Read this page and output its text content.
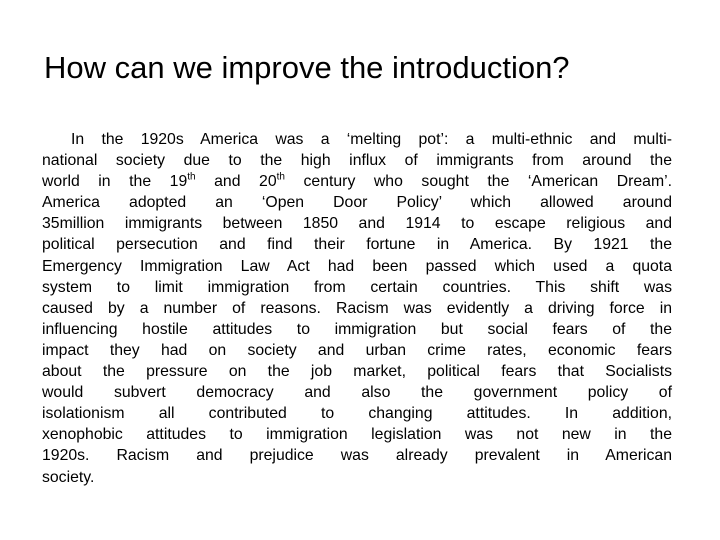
How can we improve the introduction?
In the 1920s America was a ‘melting pot’: a multi-ethnic and multi-
national society due to the high influx of immigrants from around the
world in the 19th and 20th century who sought the ‘American Dream’.
America adopted an ‘Open Door Policy’ which allowed around
35million immigrants between 1850 and 1914 to escape religious and
political persecution and find their fortune in America. By 1921 the
Emergency Immigration Law Act had been passed which used a quota
system to limit immigration from certain countries. This shift was
caused by a number of reasons. Racism was evidently a driving force in
influencing hostile attitudes to immigration but social fears of the
impact they had on society and urban crime rates, economic fears
about the pressure on the job market, political fears that Socialists
would subvert democracy and also the government policy of
isolationism all contributed to changing attitudes. In addition,
xenophobic attitudes to immigration legislation was not new in the
1920s. Racism and prejudice was already prevalent in American
society.
